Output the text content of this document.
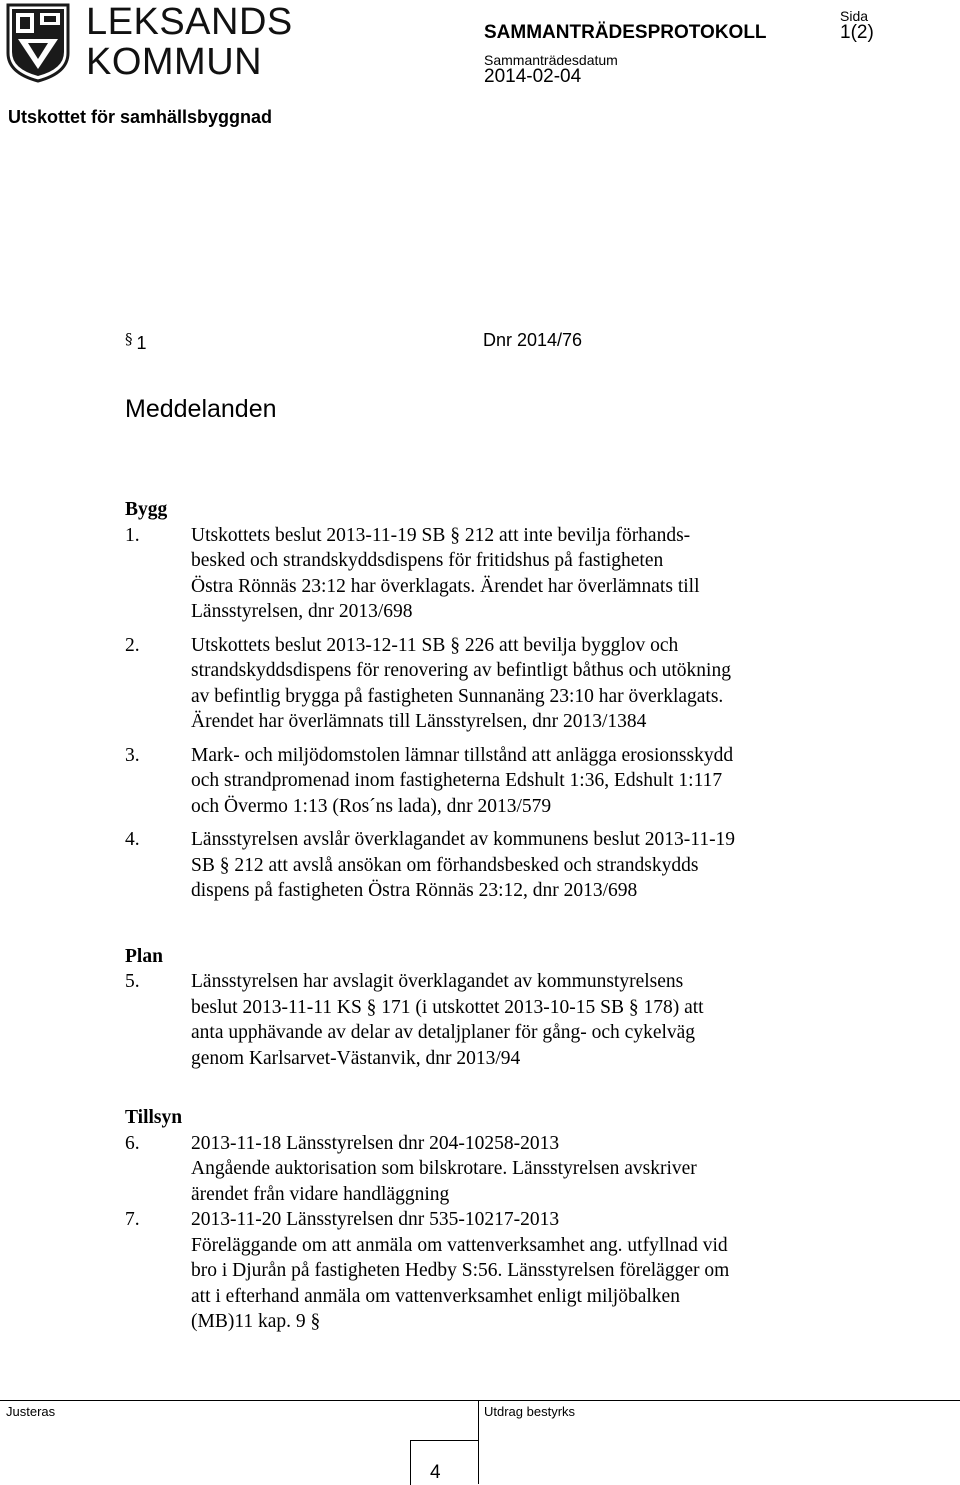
LEKSANDS
KOMMUN
SAMMANTRÄDESPROTOKOLL
Sida
1(2)
Sammanträdesdatum
2014-02-04
Utskottet för samhällsbyggnad
§ 1	Dnr 2014/76
Meddelanden
Bygg
1.	Utskottets beslut 2013-11-19 SB § 212 att inte bevilja förhands-
besked och strandskyddsdispens för fritidshus på fastigheten
Östra Rönnäs 23:12 har överklagats. Ärendet har överlämnats till
Länsstyrelsen, dnr 2013/698
2.	Utskottets beslut 2013-12-11 SB § 226 att bevilja bygglov och
strandskyddsdispens för renovering av befintligt båthus och utökning
av befintlig brygga på fastigheten Sunnanäng 23:10 har överklagats.
Ärendet har överlämnats till Länsstyrelsen, dnr 2013/1384
3.	Mark- och miljödomstolen lämnar tillstånd att anlägga erosionsskydd
och strandpromenad inom fastigheterna Edshult 1:36, Edshult 1:117
och Övermo 1:13 (Ros´ns lada), dnr 2013/579
4.	Länsstyrelsen avslår överklagandet av kommunens beslut 2013-11-19
SB § 212 att avslå ansökan om förhandsbesked och strandskydds
dispens på fastigheten Östra Rönnäs 23:12, dnr 2013/698
Plan
5.	Länsstyrelsen har avslagit överklagandet av kommunstyrelsens
beslut 2013-11-11 KS § 171 (i utskottet 2013-10-15 SB § 178) att
anta upphävande av delar av detaljplaner för gång- och cykelväg
genom Karlsarvet-Västanvik, dnr 2013/94
Tillsyn
6.	2013-11-18 Länsstyrelsen dnr 204-10258-2013
Angående auktorisation som bilskrotare. Länsstyrelsen avskriver
ärendet från vidare handläggning
7.	2013-11-20 Länsstyrelsen dnr 535-10217-2013
Föreläggande om att anmäla om vattenverksamhet ang. utfyllnad vid
bro i Djurån på fastigheten Hedby S:56. Länsstyrelsen förelägger om
att i efterhand anmäla om vattenverksamhet enligt miljöbalken
(MB)11 kap. 9 §
Justeras	Utdrag bestyrks
4
